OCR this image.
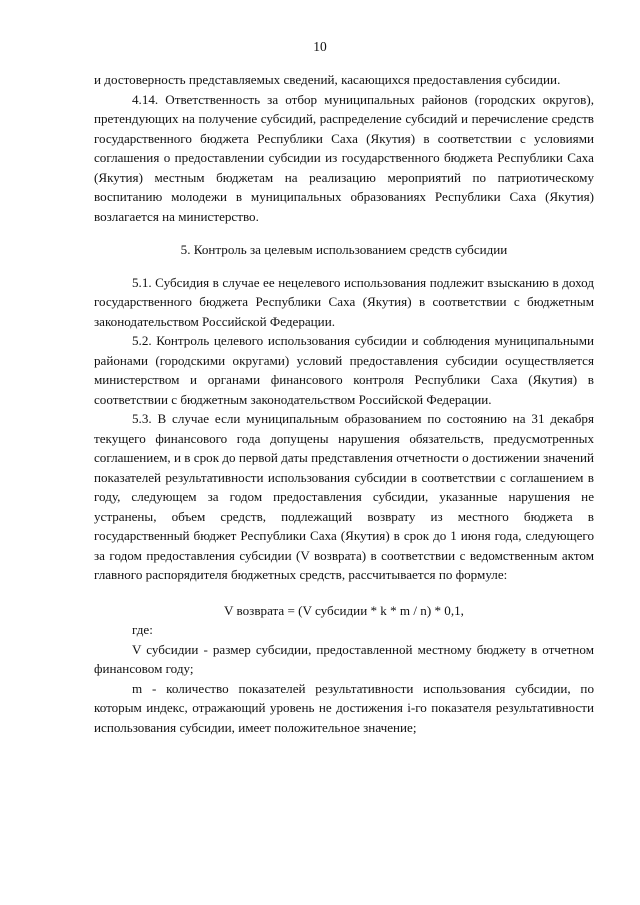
10

и достоверность представляемых сведений, касающихся предоставления субсидии.

4.14. Ответственность за отбор муниципальных районов (городских округов), претендующих на получение субсидий, распределение субсидий и перечисление средств государственного бюджета Республики Саха (Якутия) в соответствии с условиями соглашения о предоставлении субсидии из государственного бюджета Республики Саха (Якутия) местным бюджетам на реализацию мероприятий по патриотическому воспитанию молодежи в муниципальных образованиях Республики Саха (Якутия) возлагается на министерство.

5. Контроль за целевым использованием средств субсидии

5.1. Субсидия в случае ее нецелевого использования подлежит взысканию в доход государственного бюджета Республики Саха (Якутия) в соответствии с бюджетным законодательством Российской Федерации.

5.2. Контроль целевого использования субсидии и соблюдения муниципальными районами (городскими округами) условий предоставления субсидии осуществляется министерством и органами финансового контроля Республики Саха (Якутия) в соответствии с бюджетным законодательством Российской Федерации.

5.3. В случае если муниципальным образованием по состоянию на 31 декабря текущего финансового года допущены нарушения обязательств, предусмотренных соглашением, и в срок до первой даты представления отчетности о достижении значений показателей результативности использования субсидии в соответствии с соглашением в году, следующем за годом предоставления субсидии, указанные нарушения не устранены, объем средств, подлежащий возврату из местного бюджета в государственный бюджет Республики Саха (Якутия) в срок до 1 июня года, следующего за годом предоставления субсидии (V возврата) в соответствии с ведомственным актом главного распорядителя бюджетных средств, рассчитывается по формуле:

V возврата = (V субсидии * k * m / n) * 0,1,

где:

V субсидии - размер субсидии, предоставленной местному бюджету в отчетном финансовом году;

m - количество показателей результативности использования субсидии, по которым индекс, отражающий уровень не достижения i-го показателя результативности использования субсидии, имеет положительное значение;
